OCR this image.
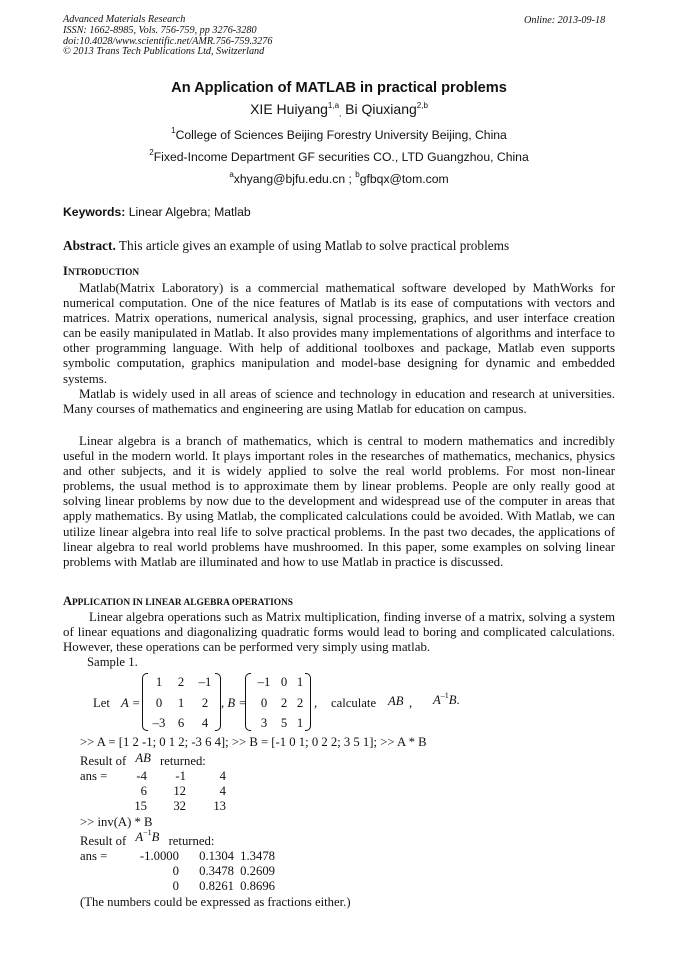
Advanced Materials Research
ISSN: 1662-8985, Vols. 756-759, pp 3276-3280
doi:10.4028/www.scientific.net/AMR.756-759.3276
© 2013 Trans Tech Publications Ltd, Switzerland
Online: 2013-09-18
An Application of MATLAB in practical problems
XIE Huiyang$^{1,a}_,$ Bi Qiuxiang$^{2,b}$
$^1$College of Sciences Beijing Forestry University Beijing, China
$^2$Fixed-Income Department GF securities CO., LTD Guangzhou, China
$^a$xhyang@bjfu.edu.cn ; $^b$gfbqx@tom.com
Keywords: Linear Algebra; Matlab
Abstract. This article gives an example of using Matlab to solve practical problems
INTRODUCTION
Matlab(Matrix Laboratory) is a commercial mathematical software developed by MathWorks for numerical computation. One of the nice features of Matlab is its ease of computations with vectors and matrices. Matrix operations, numerical analysis, signal processing, graphics, and user interface creation can be easily manipulated in Matlab. It also provides many implementations of algorithms and interface to other programming language. With help of additional toolboxes and package, Matlab even supports symbolic computation, graphics manipulation and model-base designing for dynamic and embedded systems.
Matlab is widely used in all areas of science and technology in education and research at universities. Many courses of mathematics and engineering are using Matlab for education on campus.
Linear algebra is a branch of mathematics, which is central to modern mathematics and incredibly useful in the modern world. It plays important roles in the researches of mathematics, mechanics, physics and other subjects, and it is widely applied to solve the real world problems. For most non-linear problems, the usual method is to approximate them by linear problems. People are only really good at solving linear problems by now due to the development and widespread use of the computer in areas that apply mathematics. By using Matlab, the complicated calculations could be avoided. With Matlab, we can utilize linear algebra into real life to solve practical problems. In the past two decades, the applications of linear algebra to real world problems have mushroomed. In this paper, some examples on solving linear problems with Matlab are illuminated and how to use Matlab in practice is discussed.
APPLICATION IN LINEAR ALGEBRA OPERATIONS
Linear algebra operations such as Matrix multiplication, finding inverse of a matrix, solving a system of linear equations and diagonalizing quadratic forms would lead to boring and complicated calculations. However, these operations can be performed very simply using matlab.
Sample 1.
Let A =
1	2	–1
0	1	2
–3 6	4
, B =
–1 0 1
0	2 2
3	5 1
, calculate AB , $A^{-1}B$.
>> A = [1 2 -1; 0 1 2; -3 6 4]; >> B = [-1 0 1; 0 2 2; 3 5 1]; >> A * B
Result of AB returned:
ans = -4 -1	4
6 12	4
15 32 13
>> inv(A) * B
Result of $A^{-1}B$ returned:
ans =	-1.0000 0.1304 1.3478
0 0.3478 0.2609
0 0.8261 0.8696
(The numbers could be expressed as fractions either.)
